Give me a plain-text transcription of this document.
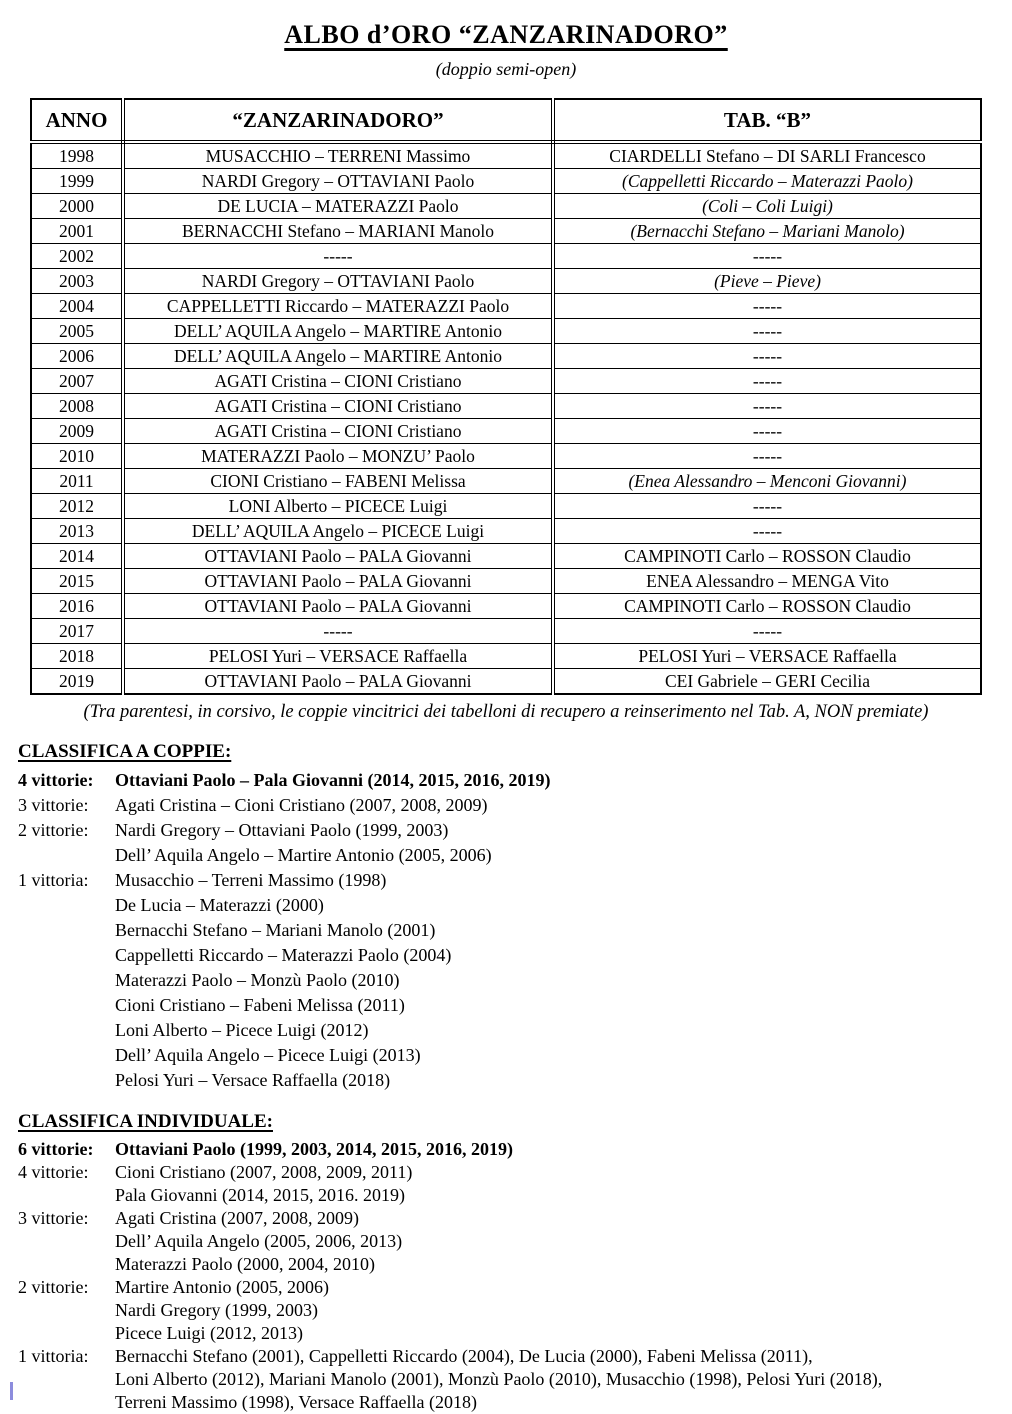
ALBO d’ORO “ZANZARINADORO”
(doppio semi-open)
ANNO	“ZANZARINADORO”	TAB. “B”
1998	MUSACCHIO – TERRENI Massimo	CIARDELLI Stefano – DI SARLI Francesco
1999	NARDI Gregory – OTTAVIANI Paolo	(Cappelletti Riccardo – Materazzi Paolo)
2000	DE LUCIA – MATERAZZI Paolo	(Coli – Coli Luigi)
2001	BERNACCHI Stefano – MARIANI Manolo	(Bernacchi Stefano – Mariani Manolo)
2002	-----	-----
2003	NARDI Gregory – OTTAVIANI Paolo	(Pieve – Pieve)
2004	CAPPELLETTI Riccardo – MATERAZZI Paolo	-----
2005	DELL’ AQUILA Angelo – MARTIRE Antonio	-----
2006	DELL’ AQUILA Angelo – MARTIRE Antonio	-----
2007	AGATI Cristina – CIONI Cristiano	-----
2008	AGATI Cristina – CIONI Cristiano	-----
2009	AGATI Cristina – CIONI Cristiano	-----
2010	MATERAZZI Paolo – MONZU’ Paolo	-----
2011	CIONI Cristiano – FABENI Melissa	(Enea Alessandro – Menconi Giovanni)
2012	LONI Alberto – PICECE Luigi	-----
2013	DELL’ AQUILA Angelo – PICECE Luigi	-----
2014	OTTAVIANI Paolo – PALA Giovanni	CAMPINOTI Carlo – ROSSON Claudio
2015	OTTAVIANI Paolo – PALA Giovanni	ENEA Alessandro – MENGA Vito
2016	OTTAVIANI Paolo – PALA Giovanni	CAMPINOTI Carlo – ROSSON Claudio
2017	-----	-----
2018	PELOSI Yuri – VERSACE Raffaella	PELOSI Yuri – VERSACE Raffaella
2019	OTTAVIANI Paolo – PALA Giovanni	CEI Gabriele – GERI Cecilia
(Tra parentesi, in corsivo, le coppie vincitrici dei tabelloni di recupero a reinserimento nel Tab. A, NON premiate)
CLASSIFICA A COPPIE:
4 vittorie:	Ottaviani Paolo – Pala Giovanni (2014, 2015, 2016, 2019)
3 vittorie:	Agati Cristina – Cioni Cristiano (2007, 2008, 2009)
2 vittorie:	Nardi Gregory – Ottaviani Paolo (1999, 2003)
Dell’ Aquila Angelo – Martire Antonio (2005, 2006)
1 vittoria:	Musacchio – Terreni Massimo (1998)
De Lucia – Materazzi (2000)
Bernacchi Stefano – Mariani Manolo (2001)
Cappelletti Riccardo – Materazzi Paolo (2004)
Materazzi Paolo – Monzù Paolo (2010)
Cioni Cristiano – Fabeni Melissa (2011)
Loni Alberto – Picece Luigi (2012)
Dell’ Aquila Angelo – Picece Luigi (2013)
Pelosi Yuri – Versace Raffaella (2018)
CLASSIFICA INDIVIDUALE:
6 vittorie:	Ottaviani Paolo (1999, 2003, 2014, 2015, 2016, 2019)
4 vittorie:	Cioni Cristiano (2007, 2008, 2009, 2011)
Pala Giovanni (2014, 2015, 2016. 2019)
3 vittorie:	Agati Cristina (2007, 2008, 2009)
Dell’ Aquila Angelo (2005, 2006, 2013)
Materazzi Paolo (2000, 2004, 2010)
2 vittorie:	Martire Antonio (2005, 2006)
Nardi Gregory (1999, 2003)
Picece Luigi (2012, 2013)
1 vittoria:	Bernacchi Stefano (2001), Cappelletti Riccardo (2004), De Lucia (2000), Fabeni Melissa (2011),
Loni Alberto (2012), Mariani Manolo (2001), Monzù Paolo (2010), Musacchio (1998), Pelosi Yuri (2018),
Terreni Massimo (1998), Versace Raffaella (2018)
